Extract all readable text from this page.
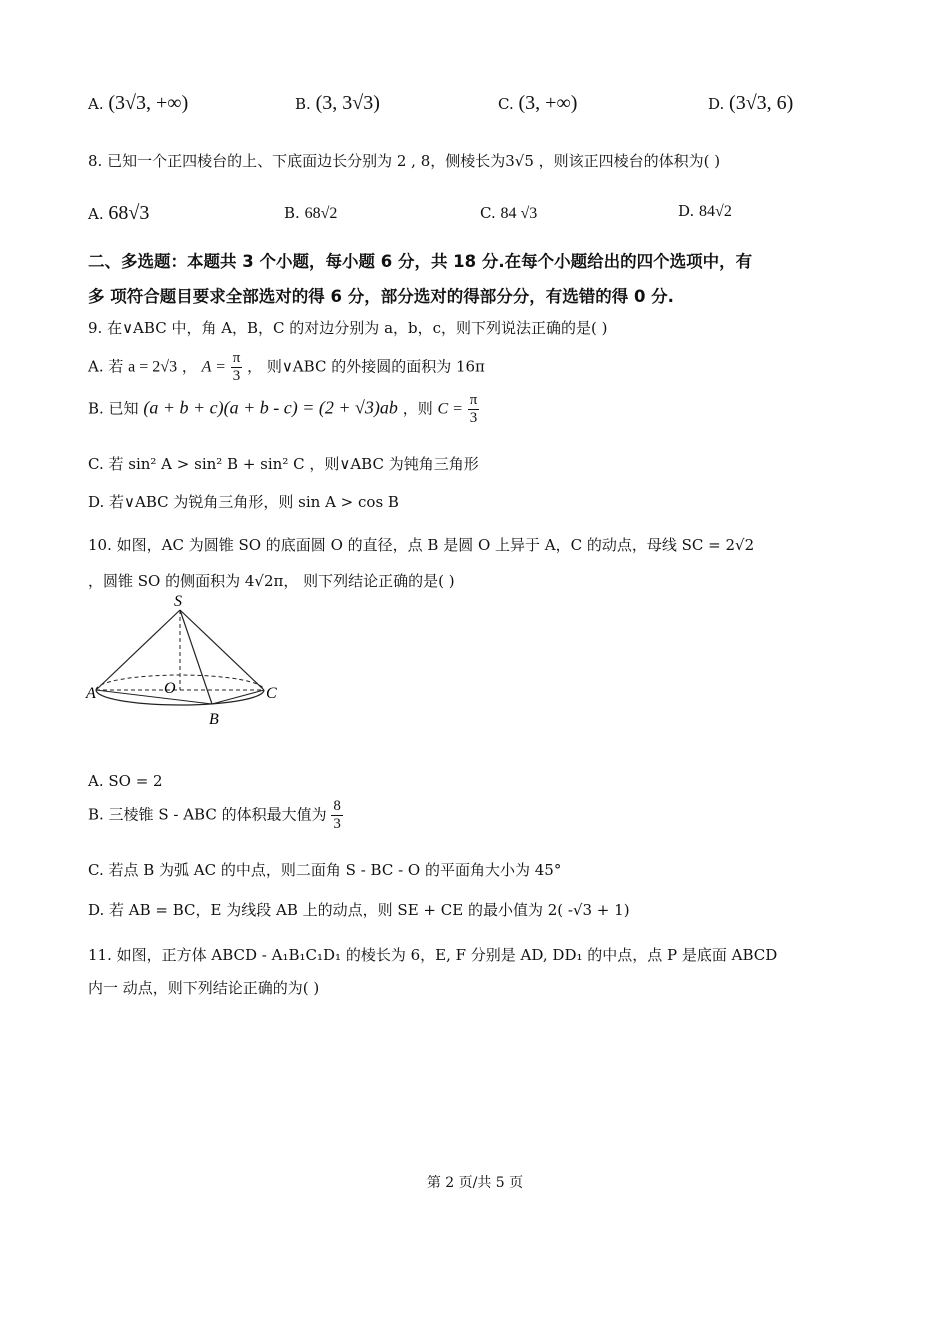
A. (3√3, +∞)	B. (3, 3√3)	C. (3, +∞)	D. (3√3, 6)
8. 已知一个正四棱台的上、下底面边长分别为 2 , 8，侧棱长为3√5 ，则该正四棱台的体积为( )
A. 68√3	B. 68√2	C. 84 √3	D. 84√2
二、多选题：本题共 3 个小题，每小题 6 分，共 18 分.在每个小题给出的四个选项中，有
多 项符合题目要求全部选对的得 6 分，部分选对的得部分分，有选错的得 0 分.
9. 在∨ABC 中，角 A，B，C 的对边分别为 a，b，c，则下列说法正确的是( )
A. 若 a = 2√3 ， $A = \frac{\pi}{3}$ ， 则∨ABC 的外接圆的面积为 16π
B. 已知 (a + b + c)(a + b - c) = (2 + √3)ab ，则 $C = \frac{\pi}{3}$
C. 若 sin² A > sin² B + sin² C ，则∨ABC 为钝角三角形
D. 若∨ABC 为锐角三角形，则 sin A > cos B
10. 如图，AC 为圆锥 SO 的底面圆 O 的直径，点 B 是圆 O 上异于 A，C 的动点，母线 SC = 2√2
，圆锥 SO 的侧面积为 4√2π， 则下列结论正确的是( )
S
A	O	C
B
A. SO = 2
B. 三棱锥 S - ABC 的体积最大值为 $\frac{8}{3}$
C. 若点 B 为弧 AC 的中点，则二面角 S - BC - O 的平面角大小为 45°
D. 若 AB = BC，E 为线段 AB 上的动点，则 SE + CE 的最小值为 2( -√3 + 1)
11. 如图，正方体 ABCD - A₁B₁C₁D₁ 的棱长为 6，E, F 分别是 AD, DD₁ 的中点，点 P 是底面 ABCD
内一 动点，则下列结论正确的为( )
第 2 页/共 5 页
